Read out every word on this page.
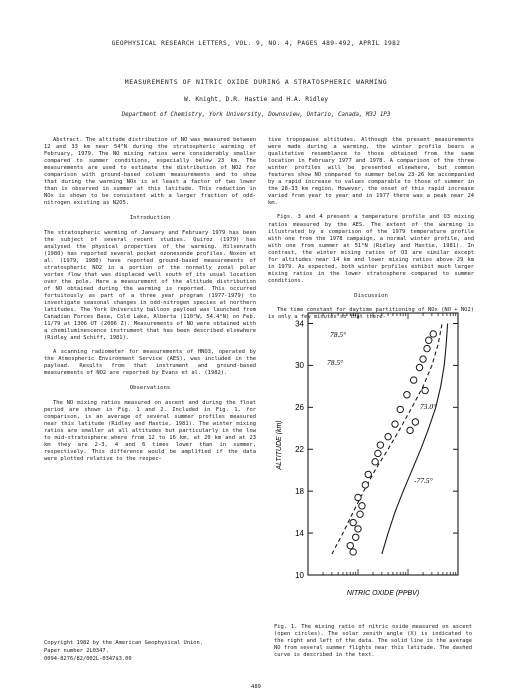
GEOPHYSICAL RESEARCH LETTERS, VOL. 9, NO. 4, PAGES 489-492, APRIL 1982
MEASUREMENTS OF NITRIC OXIDE DURING A STRATOSPHERIC WARMING
W. Knight, D.R. Hastie and H.A. Ridley
Department of Chemistry, York University, Downsview, Ontario, Canada, M3J 1P3

Abstract. The altitude distribution of NO was measured between 12 and 33 km near 54°N during the stratospheric warming of February, 1979. The NO mixing ratios were considerably smaller compared to summer conditions, especially below 23 km. The measurements are used to estimate the distribution of NO2 for comparison with ground-based column measurements and to show that during the warming NOx is at least a factor of two lower than is observed in summer at this latitude. This reduction in NOx is shown to be consistent with a larger fraction of odd-nitrogen existing as N2O5.

Introduction

The stratospheric warming of January and February 1979 has been the subject of several recent studies. Quiroz (1979) has analysed the physical properties of the warming. Hilsenrath (1980) has reported several pocket ozonesonde profiles. Noxon et al. (1979, 1980) have reported ground-based measurements of stratospheric NO2 in a portion of the normally zonal polar vortex flow that was displaced well south of its usual location over the pole. Here a measurement of the altitude distribution of NO obtained during the warming is reported. This occurred fortuitously as part of a three year program (1977-1979) to investigate seasonal changes in odd-nitrogen species at northern latitudes. The York University balloon payload was launched from Canadian Forces Base, Cold Lake, Alberta (110°W, 54.4°N) on Feb. 11/79 at 1306 UT (2006 Z). Measurements of NO were obtained with a chemiluminescence instrument that has been described elsewhere (Ridley and Schiff, 1981).

A scanning radiometer for measurements of HNO3, operated by the Atmospheric Environment Service (AES), was included in the payload. Results from that instrument and ground-based measurements of NO2 are reported by Evans et al. (1982).

Observations

The NO mixing ratios measured on ascent and during the float period are shown in Fig. 1 and 2. Included in Fig. 1, for comparison, is an average of several summer profiles measured near this latitude (Ridley and Hastie, 1981). The winter mixing ratios are smaller at all altitudes but particularly in the low to mid-stratosphere where from 12 to 16 km, at 20 km and at 23 km they are 2-3, 4 and 6 times lower than in summer, respectively. This difference would be amplified if the data were plotted relative to the respec-

tive tropopause altitudes. Although the present measurements were made during a warming, the winter profile bears a qualitative resemblance to those obtained from the same location in February 1977 and 1978. A comparison of the three winter profiles will be presented elsewhere, but common features show NO compared to summer below 23-26 km accompanied by a rapid increase to values comparable to those of summer in the 28-33 km region. However, the onset of this rapid increase varied from year to year and in 1977 there was a peak near 24 km.

Figs. 3 and 4 present a temperature profile and O3 mixing ratios measured by the AES. The extent of the warming is illustrated by a comparison of the 1979 temperature profile with one from the 1978 campaign, a normal winter profile, and with one from summer at 51°N (Ridley and Hastie, 1981). In contrast, the winter mixing ratios of O3 are similar except for altitudes near 14 km and lower mixing ratios above 29 km in 1979. As expected, both winter profiles exhibit much larger mixing ratios in the lower stratosphere compared to summer conditions.

Discussion

The time constant for daytime partitioning of NOx (NO + NO2) is only a few minutes so that there-

10
14
18
22
26
30
34
ALTITUDE (km)
NITRIC OXIDE (PPBV)
78.5°
78.5°
73.0°
-77.5°
Fig. 1. The mixing ratio of nitric oxide measured on ascent (open circles). The solar zenith angle (X) is indicated to the right and left of the data. The solid line is the average NO from several summer flights near this latitude. The dashed curve is described in the text.
Copyright 1982 by the American Geophysical Union.
Paper number 2L0347.
0094-8276/82/002L-0347$3.00
489
